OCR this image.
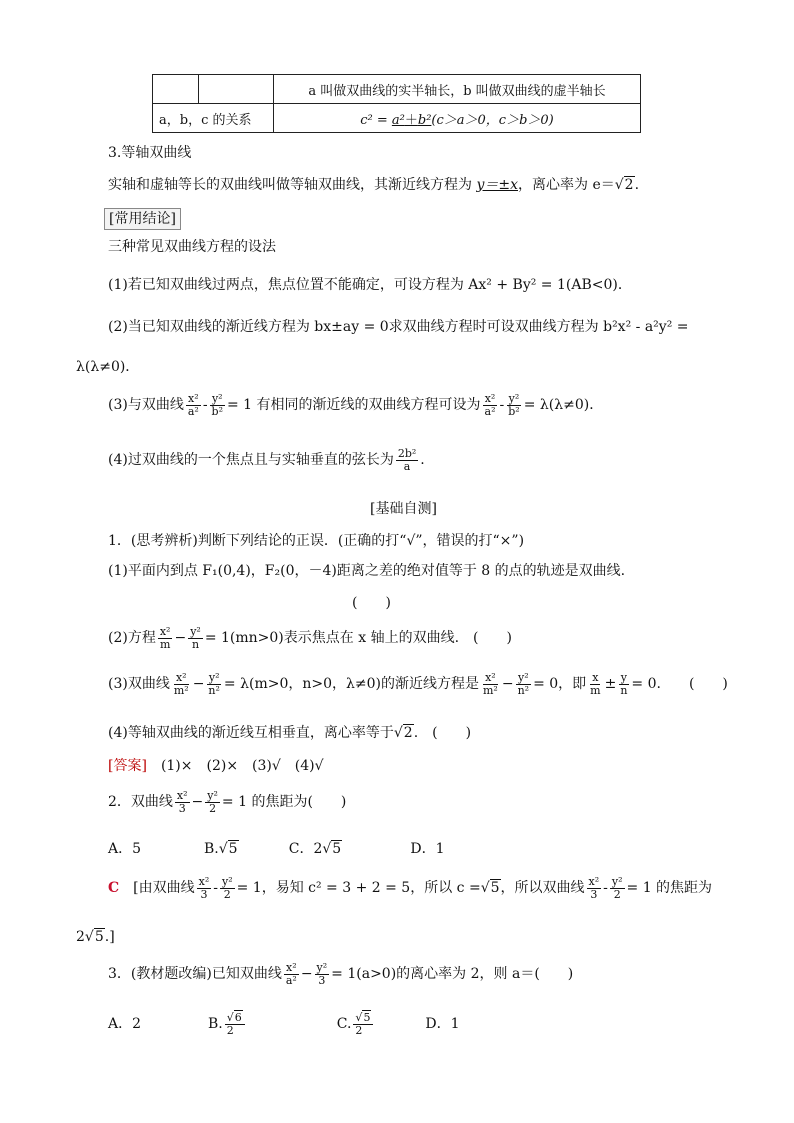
		a 叫做双曲线的实半轴长，b 叫做双曲线的虚半轴长
a，b，c 的关系		c² = a²＋b²(c＞a＞0，c＞b＞0)
3.等轴双曲线
实轴和虚轴等长的双曲线叫做等轴双曲线，其渐近线方程为 y＝±x，离心率为 e＝ √ 2.
[常用结论]
三种常见双曲线方程的设法
(1)若已知双曲线过两点，焦点位置不能确定，可设方程为 Ax² + By² = 1(AB<0)．
(2)当已知双曲线的渐近线方程为 bx±ay = 0求双曲线方程时可设双曲线方程为 b²x² - a²y² =
λ(λ≠0)．
(3)与双曲线 $\frac{\text{x²}}{\text{a²}} - \frac{\text{y²}}{\text{b²}} = 1$ 有相同的渐近线的双曲线方程可设为 $\frac{\text{x²}}{\text{a²}} - \frac{\text{y²}}{\text{b²}} = \lambda(\lambda\ne 0)$．
(4)过双曲线的一个焦点且与实轴垂直的弦长为 $\frac{\text{2b²}}{a}$ .
[基础自测]
1．(思考辨析)判断下列结论的正误．(正确的打“√”，错误的打“×”)
(1)平面内到点 F₁(0,4)，F₂(0，－4)距离之差的绝对值等于 8 的点的轨迹是双曲线.
(　　)
(2)方程 $\frac{\text{x²}}{m} - \frac{\text{y²}}{n} = 1(mn>0)$表示焦点在 x 轴上的双曲线.　(　　)
(3)双曲线 $\frac{\text{x²}}{\text{m²}} - \frac{\text{y²}}{\text{n²}} = \lambda(m>0$，n>0，λ≠0)的渐近线方程是 $\frac{\text{x²}}{\text{m²}} - \frac{\text{y²}}{\text{n²}} = 0$，即 $\frac{x}{m} \pm \frac{y}{n} = 0$.　　(　　)
(4)等轴双曲线的渐近线互相垂直，离心率等于 √ 2.　(　　)
[答案]　 (1)×　(2)×　(3)√　(4)√
2．双曲线 $\frac{\text{x²}}{3} - \frac{\text{y²}}{2} = 1$ 的焦距为(　　)
A．5	B. √ 5	C．2 √ 5	D．1
C　 [由双曲线 $\frac{\text{x²}}{3} - \frac{\text{y²}}{2} = 1$，易知 c² = 3 + 2 = 5，所以 c = √ 5，所以双曲线 $\frac{\text{x²}}{3} - \frac{\text{y²}}{2} = 1$ 的焦距为
2 √ 5.]
3．(教材题改编)已知双曲线 $\frac{\text{x²}}{\text{a²}} - \frac{\text{y²}}{3} = 1(a>0)$的离心率为 2，则 a＝(　　)
A．2	B. √ $\frac{6}{2} C$. √ $\frac{5}{2}$ D．1
